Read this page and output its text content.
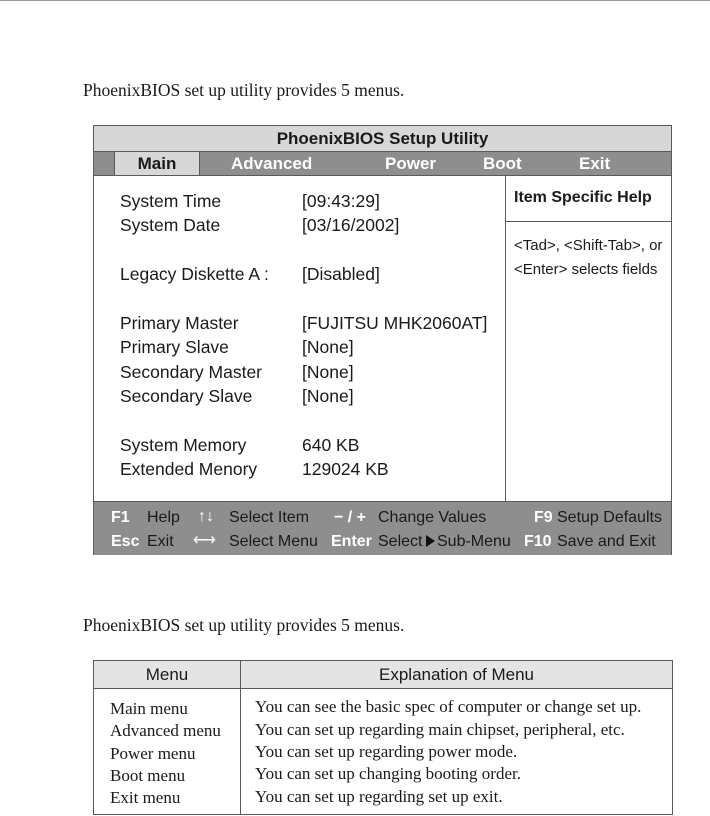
PhoenixBIOS set up utility provides 5 menus.
PhoenixBIOS Setup Utility
Main	Advanced	Power	Boot	Exit
System Time	[09:43:29]
System Date	[03/16/2002]
Legacy Diskette A : [Disabled]
Primary Master	[FUJITSU MHK2060AT]
Primary Slave	[None]
Secondary Master [None]
Secondary Slave	[None]
System Memory	640 KB
Extended Menory	129024 KB
Item Specific Help
<Tad>, <Shift-Tab>, or
<Enter> selects fields
F1 Help ↑↓ Select Item − / + Change Values	F9 Setup Defaults
Esc Exit ⟷ Select Menu Enter Select Sub-Menu F10 Save and Exit
PhoenixBIOS set up utility provides 5 menus.
Menu	Explanation of Menu
Main menu	You can see the basic spec of computer or change set up.
Advanced menu You can set up regarding main chipset, peripheral, etc.
Power menu	You can set up regarding power mode.
Boot menu	You can set up changing booting order.
Exit menu	You can set up regarding set up exit.
